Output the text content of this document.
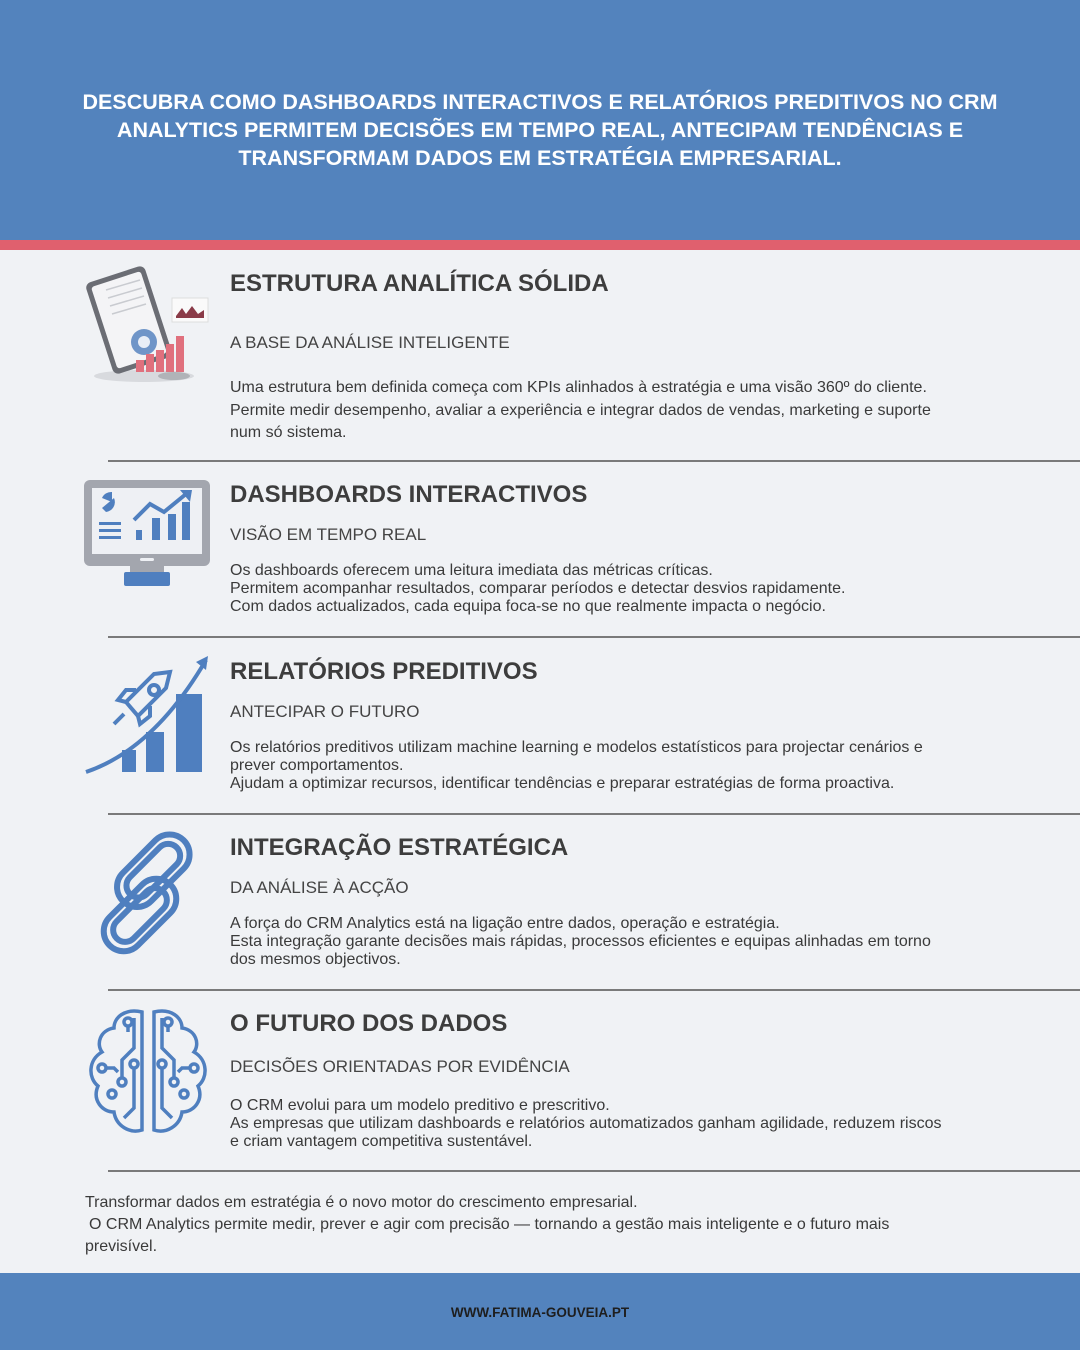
DESCUBRA COMO DASHBOARDS INTERACTIVOS E RELATÓRIOS PREDITIVOS NO CRM ANALYTICS PERMITEM DECISÕES EM TEMPO REAL, ANTECIPAM TENDÊNCIAS E TRANSFORMAM DADOS EM ESTRATÉGIA EMPRESARIAL.
ESTRUTURA ANALÍTICA SÓLIDA
A BASE DA ANÁLISE INTELIGENTE
Uma estrutura bem definida começa com KPIs alinhados à estratégia e uma visão 360º do cliente.
Permite medir desempenho, avaliar a experiência e integrar dados de vendas, marketing e suporte
num só sistema.
DASHBOARDS INTERACTIVOS
VISÃO EM TEMPO REAL
Os dashboards oferecem uma leitura imediata das métricas críticas.
Permitem acompanhar resultados, comparar períodos e detectar desvios rapidamente.
Com dados actualizados, cada equipa foca-se no que realmente impacta o negócio.
RELATÓRIOS PREDITIVOS
ANTECIPAR O FUTURO
Os relatórios preditivos utilizam machine learning e modelos estatísticos para projectar cenários e
prever comportamentos.
Ajudam a optimizar recursos, identificar tendências e preparar estratégias de forma proactiva.
INTEGRAÇÃO ESTRATÉGICA
DA ANÁLISE À ACÇÃO
A força do CRM Analytics está na ligação entre dados, operação e estratégia.
Esta integração garante decisões mais rápidas, processos eficientes e equipas alinhadas em torno
dos mesmos objectivos.
O FUTURO DOS DADOS
DECISÕES ORIENTADAS POR EVIDÊNCIA
O CRM evolui para um modelo preditivo e prescritivo.
As empresas que utilizam dashboards e relatórios automatizados ganham agilidade, reduzem riscos
e criam vantagem competitiva sustentável.
Transformar dados em estratégia é o novo motor do crescimento empresarial.
O CRM Analytics permite medir, prever e agir com precisão — tornando a gestão mais inteligente e o futuro mais
previsível.
WWW.FATIMA-GOUVEIA.PT
